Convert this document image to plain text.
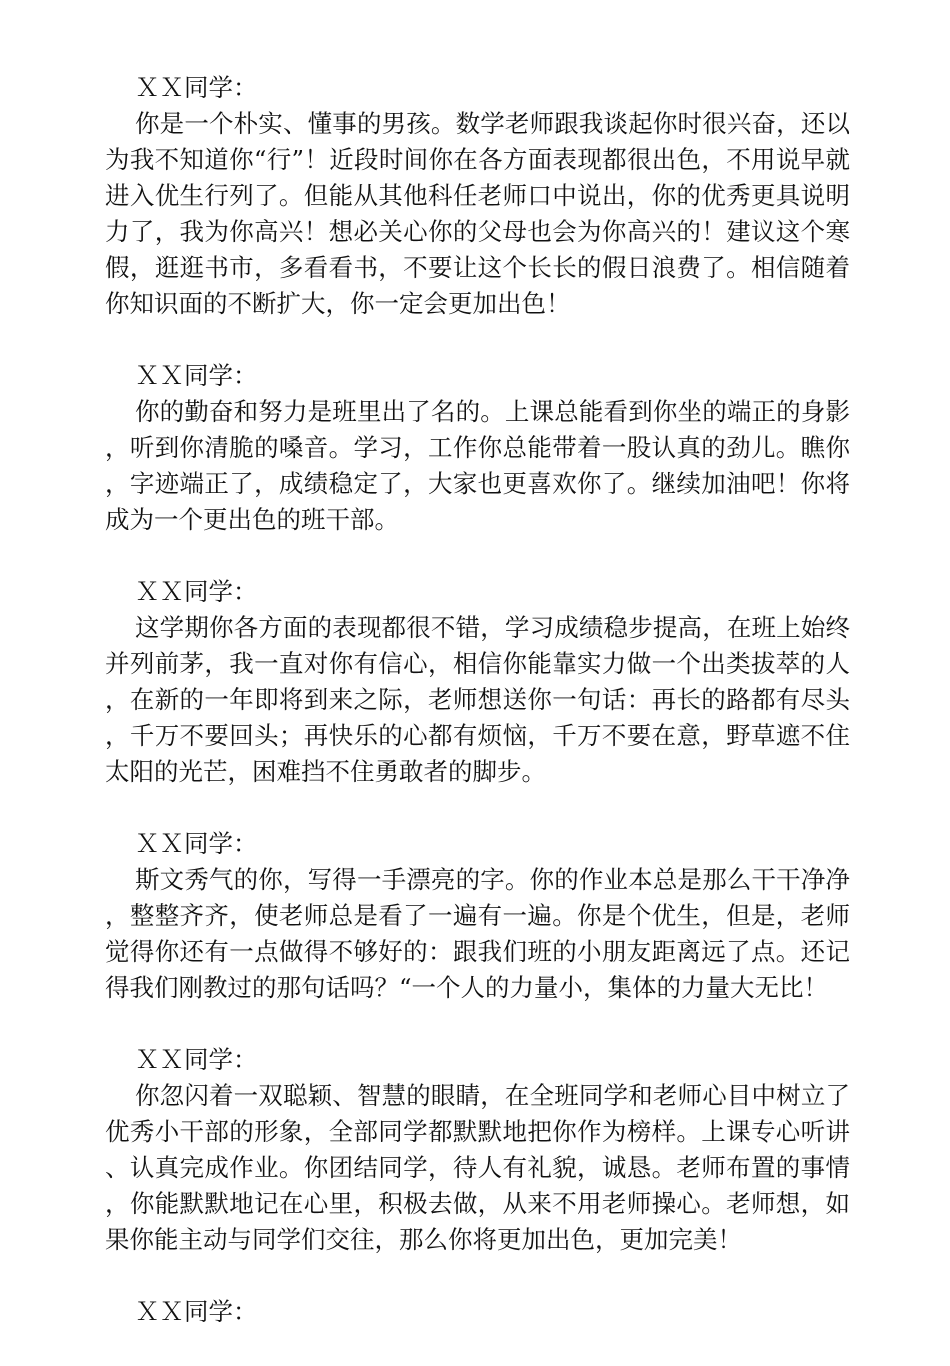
ＸＸ同学：

你是一个朴实、懂事的男孩。数学老师跟我谈起你时很兴奋，还以为我不知道你“行”！近段时间你在各方面表现都很出色，不用说早就进入优生行列了。但能从其他科任老师口中说出，你的优秀更具说明力了，我为你高兴！想必关心你的父母也会为你高兴的！建议这个寒假，逛逛书市，多看看书，不要让这个长长的假日浪费了。相信随着你知识面的不断扩大，你一定会更加出色！

ＸＸ同学：

你的勤奋和努力是班里出了名的。上课总能看到你坐的端正的身影，听到你清脆的嗓音。学习，工作你总能带着一股认真的劲儿。瞧你，字迹端正了，成绩稳定了，大家也更喜欢你了。继续加油吧！你将成为一个更出色的班干部。

ＸＸ同学：

这学期你各方面的表现都很不错，学习成绩稳步提高，在班上始终并列前茅，我一直对你有信心，相信你能靠实力做一个出类拔萃的人，在新的一年即将到来之际，老师想送你一句话：再长的路都有尽头，千万不要回头；再快乐的心都有烦恼，千万不要在意，野草遮不住太阳的光芒，困难挡不住勇敢者的脚步。

ＸＸ同学：

斯文秀气的你，写得一手漂亮的字。你的作业本总是那么干干净净，整整齐齐，使老师总是看了一遍有一遍。你是个优生，但是，老师觉得你还有一点做得不够好的：跟我们班的小朋友距离远了点。还记得我们刚教过的那句话吗？“一个人的力量小，集体的力量大无比！

ＸＸ同学：

你忽闪着一双聪颖、智慧的眼睛，在全班同学和老师心目中树立了优秀小干部的形象，全部同学都默默地把你作为榜样。上课专心听讲、认真完成作业。你团结同学，待人有礼貌，诚恳。老师布置的事情，你能默默地记在心里，积极去做，从来不用老师操心。老师想，如果你能主动与同学们交往，那么你将更加出色，更加完美！

ＸＸ同学：
